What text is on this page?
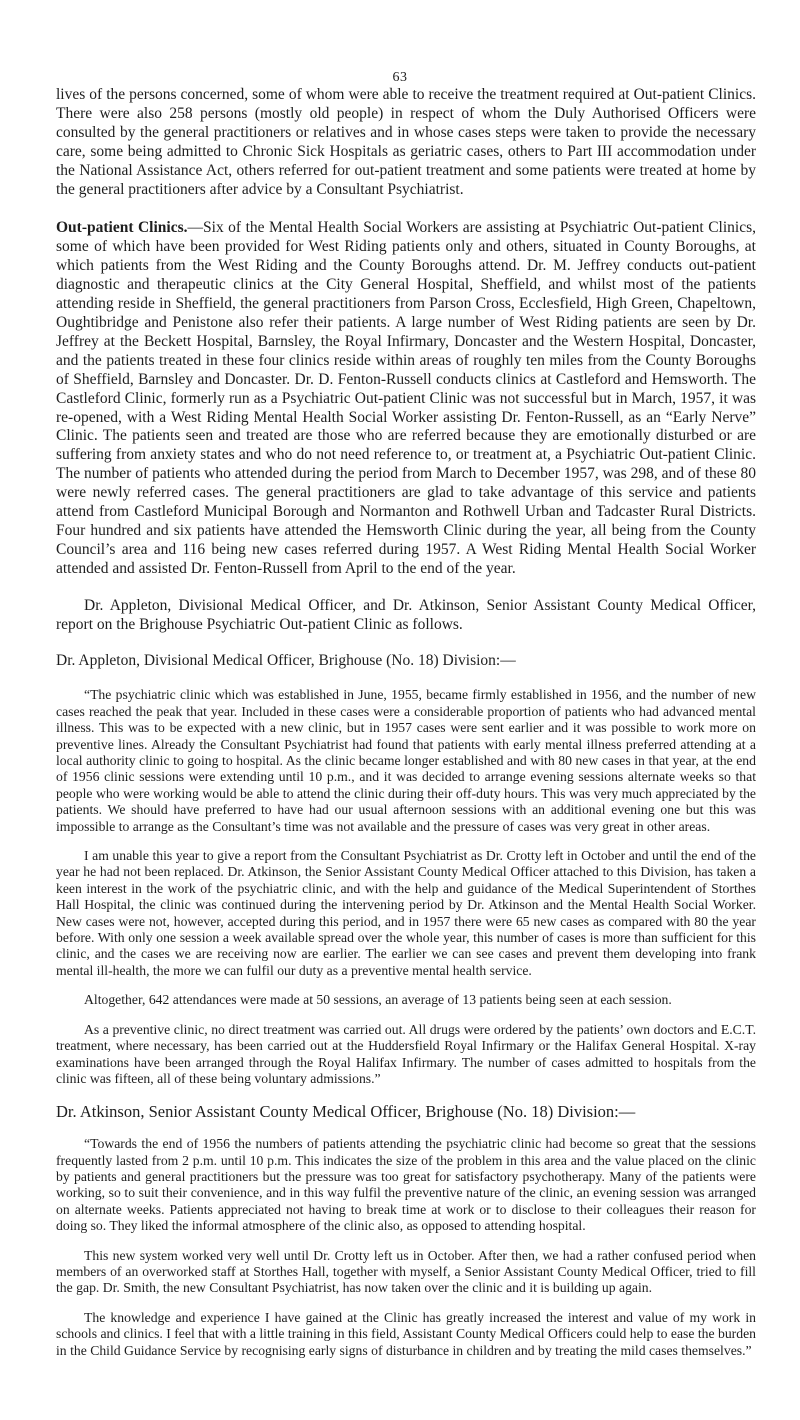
63

lives of the persons concerned, some of whom were able to receive the treatment required at Out-patient Clinics. There were also 258 persons (mostly old people) in respect of whom the Duly Authorised Officers were consulted by the general practitioners or relatives and in whose cases steps were taken to provide the necessary care, some being admitted to Chronic Sick Hospitals as geriatric cases, others to Part III accommodation under the National Assistance Act, others referred for out-patient treatment and some patients were treated at home by the general practitioners after advice by a Consultant Psychiatrist.

Out-patient Clinics.—Six of the Mental Health Social Workers are assisting at Psychiatric Out-patient Clinics, some of which have been provided for West Riding patients only and others, situated in County Boroughs, at which patients from the West Riding and the County Boroughs attend. Dr. M. Jeffrey conducts out-patient diagnostic and therapeutic clinics at the City General Hospital, Sheffield, and whilst most of the patients attending reside in Sheffield, the general practitioners from Parson Cross, Ecclesfield, High Green, Chapeltown, Oughtibridge and Penistone also refer their patients. A large number of West Riding patients are seen by Dr. Jeffrey at the Beckett Hospital, Barnsley, the Royal Infirmary, Doncaster and the Western Hospital, Doncaster, and the patients treated in these four clinics reside within areas of roughly ten miles from the County Boroughs of Sheffield, Barnsley and Doncaster. Dr. D. Fenton-Russell conducts clinics at Castleford and Hemsworth. The Castleford Clinic, formerly run as a Psychiatric Out-patient Clinic was not successful but in March, 1957, it was re-opened, with a West Riding Mental Health Social Worker assisting Dr. Fenton-Russell, as an “Early Nerve” Clinic. The patients seen and treated are those who are referred because they are emotionally disturbed or are suffering from anxiety states and who do not need reference to, or treatment at, a Psychiatric Out-patient Clinic. The number of patients who attended during the period from March to December 1957, was 298, and of these 80 were newly referred cases. The general practitioners are glad to take advantage of this service and patients attend from Castleford Municipal Borough and Normanton and Rothwell Urban and Tadcaster Rural Districts. Four hundred and six patients have attended the Hemsworth Clinic during the year, all being from the County Council’s area and 116 being new cases referred during 1957. A West Riding Mental Health Social Worker attended and assisted Dr. Fenton-Russell from April to the end of the year.

Dr. Appleton, Divisional Medical Officer, and Dr. Atkinson, Senior Assistant County Medical Officer, report on the Brighouse Psychiatric Out-patient Clinic as follows.

Dr. Appleton, Divisional Medical Officer, Brighouse (No. 18) Division:—

“The psychiatric clinic which was established in June, 1955, became firmly established in 1956, and the number of new cases reached the peak that year. Included in these cases were a considerable proportion of patients who had advanced mental illness. This was to be expected with a new clinic, but in 1957 cases were sent earlier and it was possible to work more on preventive lines. Already the Consultant Psychiatrist had found that patients with early mental illness preferred attending at a local authority clinic to going to hospital. As the clinic became longer established and with 80 new cases in that year, at the end of 1956 clinic sessions were extending until 10 p.m., and it was decided to arrange evening sessions alternate weeks so that people who were working would be able to attend the clinic during their off-duty hours. This was very much appreciated by the patients. We should have preferred to have had our usual afternoon sessions with an additional evening one but this was impossible to arrange as the Consultant’s time was not available and the pressure of cases was very great in other areas.

I am unable this year to give a report from the Consultant Psychiatrist as Dr. Crotty left in October and until the end of the year he had not been replaced. Dr. Atkinson, the Senior Assistant County Medical Officer attached to this Division, has taken a keen interest in the work of the psychiatric clinic, and with the help and guidance of the Medical Superintendent of Storthes Hall Hospital, the clinic was continued during the intervening period by Dr. Atkinson and the Mental Health Social Worker. New cases were not, however, accepted during this period, and in 1957 there were 65 new cases as compared with 80 the year before. With only one session a week available spread over the whole year, this number of cases is more than sufficient for this clinic, and the cases we are receiving now are earlier. The earlier we can see cases and prevent them developing into frank mental ill-health, the more we can fulfil our duty as a preventive mental health service.

Altogether, 642 attendances were made at 50 sessions, an average of 13 patients being seen at each session.

As a preventive clinic, no direct treatment was carried out. All drugs were ordered by the patients’ own doctors and E.C.T. treatment, where necessary, has been carried out at the Huddersfield Royal Infirmary or the Halifax General Hospital. X-ray examinations have been arranged through the Royal Halifax Infirmary. The number of cases admitted to hospitals from the clinic was fifteen, all of these being voluntary admissions.”

Dr. Atkinson, Senior Assistant County Medical Officer, Brighouse (No. 18) Division:—

“Towards the end of 1956 the numbers of patients attending the psychiatric clinic had become so great that the sessions frequently lasted from 2 p.m. until 10 p.m. This indicates the size of the problem in this area and the value placed on the clinic by patients and general practitioners but the pressure was too great for satisfactory psychotherapy. Many of the patients were working, so to suit their convenience, and in this way fulfil the preventive nature of the clinic, an evening session was arranged on alternate weeks. Patients appreciated not having to break time at work or to disclose to their colleagues their reason for doing so. They liked the informal atmosphere of the clinic also, as opposed to attending hospital.

This new system worked very well until Dr. Crotty left us in October. After then, we had a rather confused period when members of an overworked staff at Storthes Hall, together with myself, a Senior Assistant County Medical Officer, tried to fill the gap. Dr. Smith, the new Consultant Psychiatrist, has now taken over the clinic and it is building up again.

The knowledge and experience I have gained at the Clinic has greatly increased the interest and value of my work in schools and clinics. I feel that with a little training in this field, Assistant County Medical Officers could help to ease the burden in the Child Guidance Service by recognising early signs of disturbance in children and by treating the mild cases themselves.”
